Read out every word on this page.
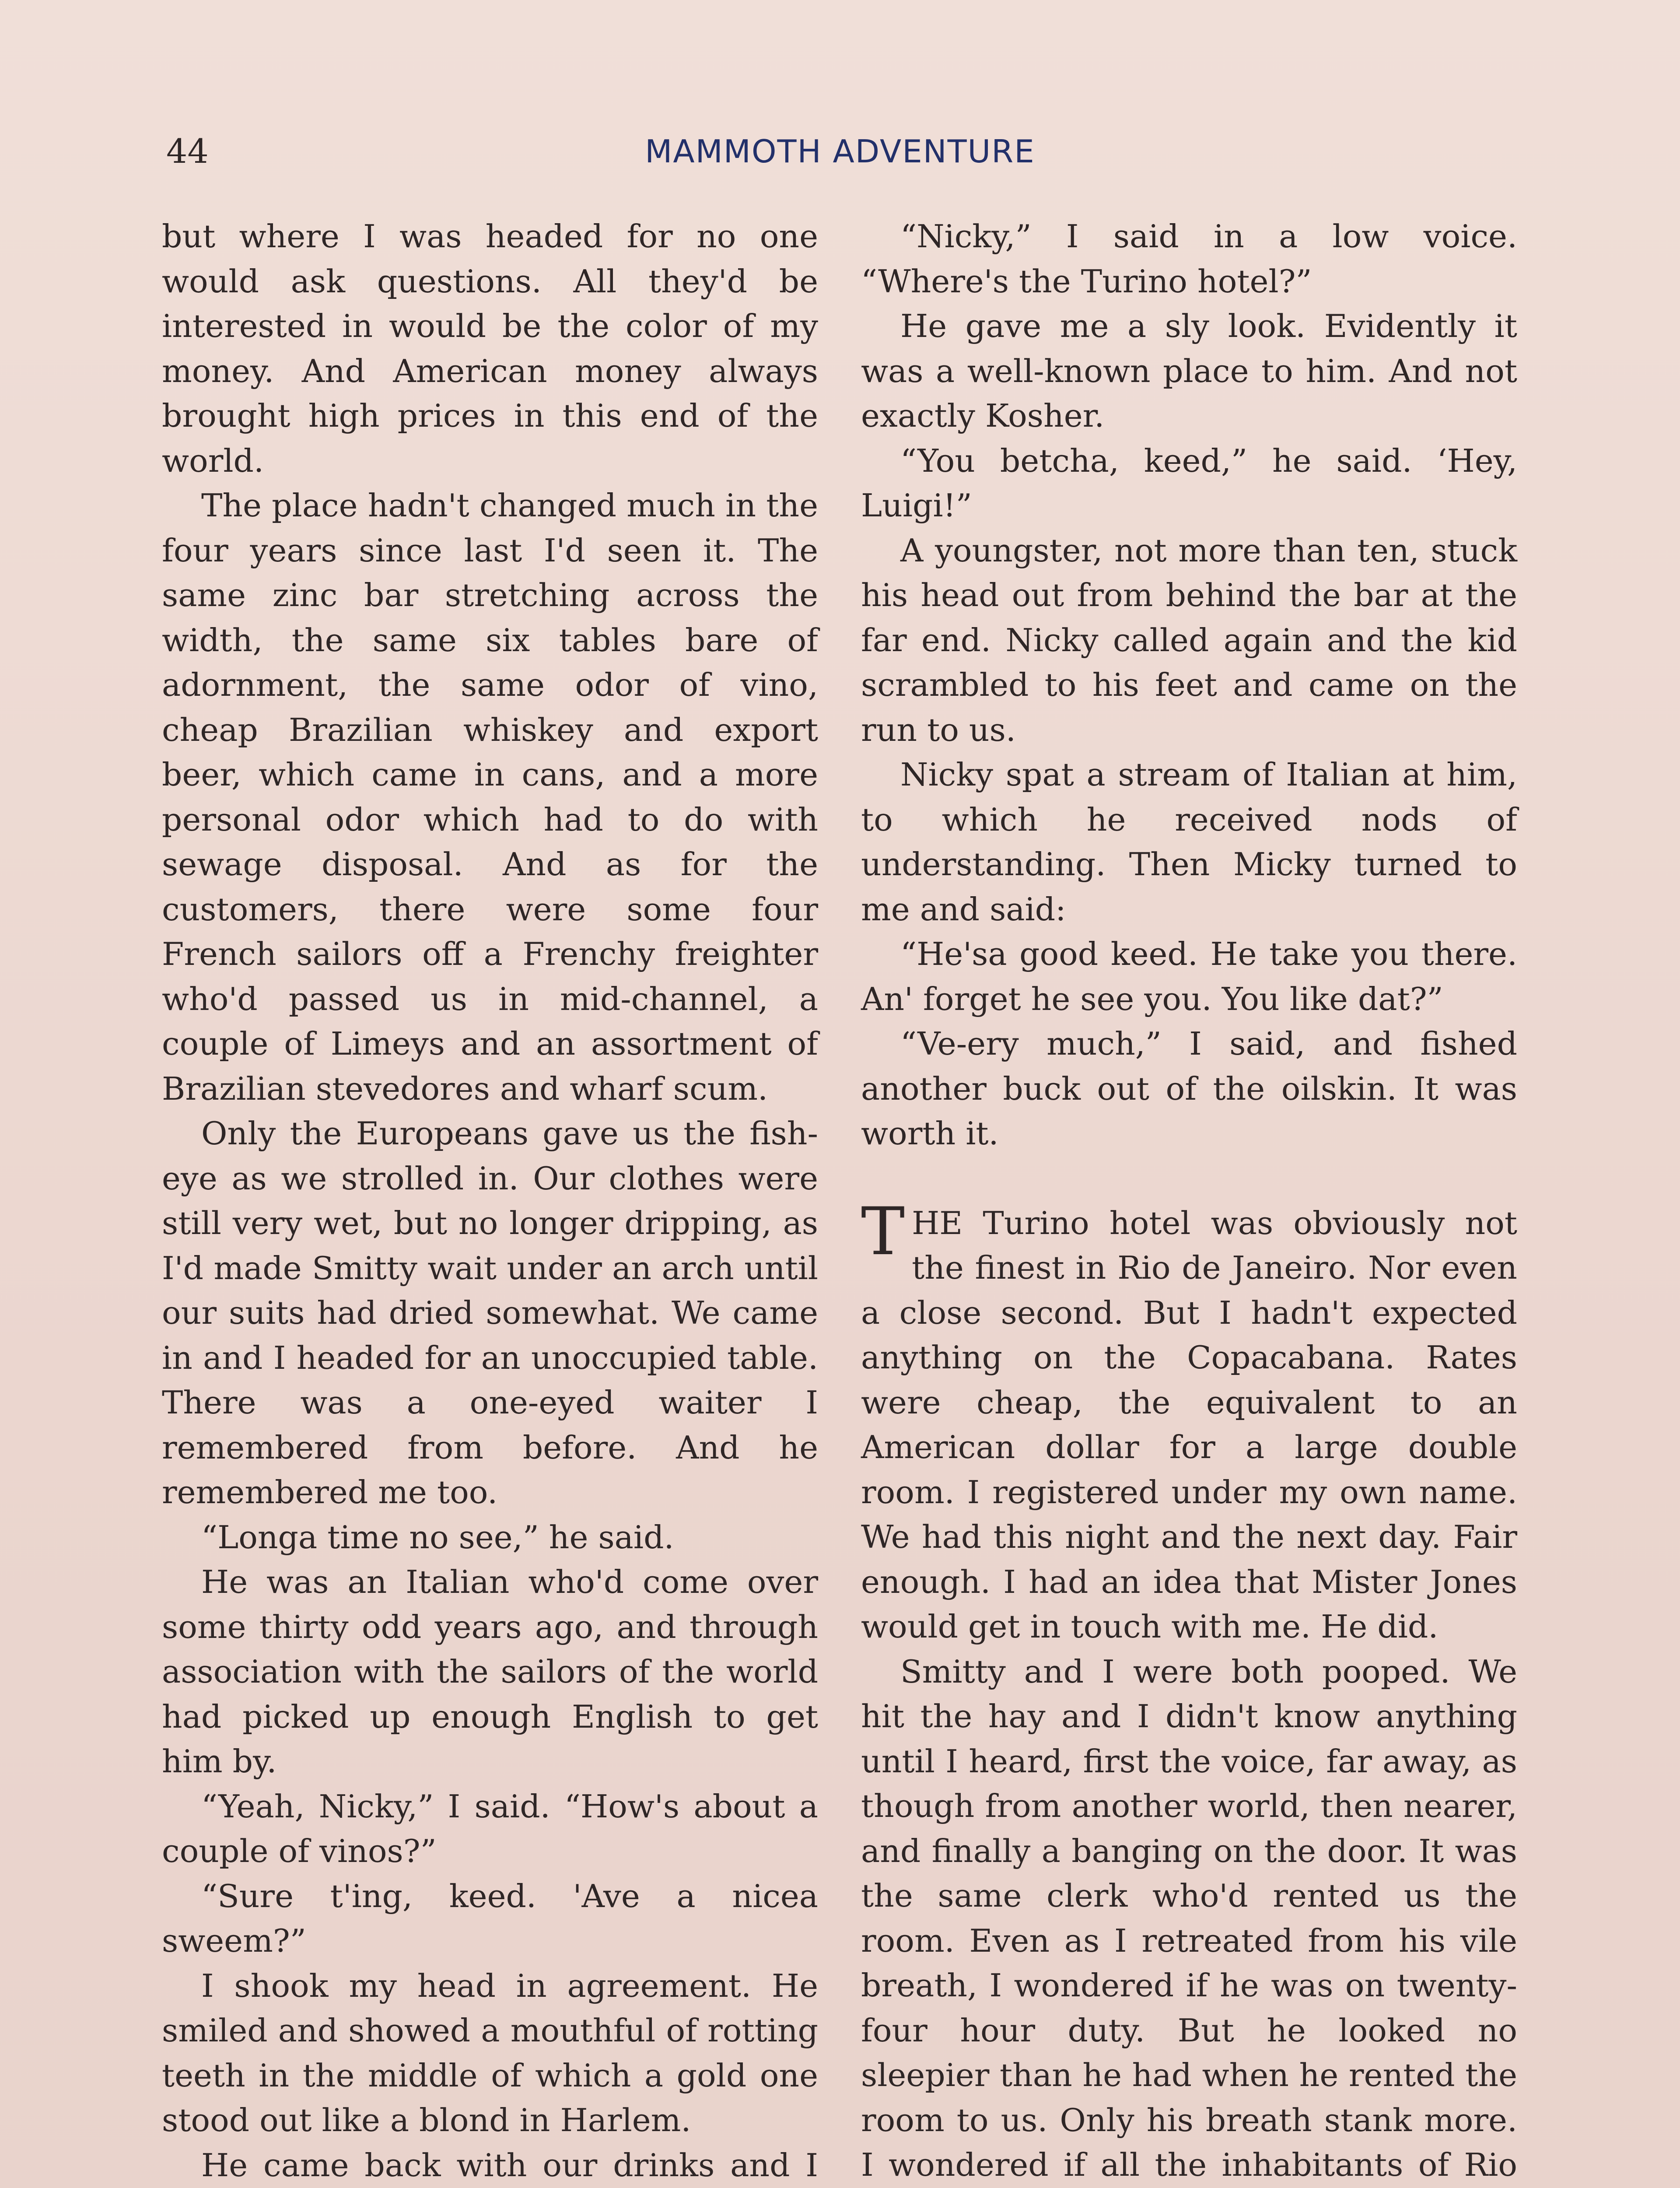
44	MAMMOTH ADVENTURE

but where I was headed for no one would ask questions. All they'd be interested in would be the color of my money. And American money always brought high prices in this end of the world.

The place hadn't changed much in the four years since last I'd seen it. The same zinc bar stretching across the width, the same six tables bare of adornment, the same odor of vino, cheap Brazilian whiskey and export beer, which came in cans, and a more personal odor which had to do with sewage disposal. And as for the customers, there were some four French sailors off a Frenchy freighter who'd passed us in mid-channel, a couple of Limeys and an assortment of Brazilian stevedores and wharf scum.

Only the Europeans gave us the fish-eye as we strolled in. Our clothes were still very wet, but no longer dripping, as I'd made Smitty wait under an arch until our suits had dried somewhat. We came in and I headed for an unoccupied table. There was a one-eyed waiter I remembered from before. And he remembered me too.

“Longa time no see,” he said.

He was an Italian who'd come over some thirty odd years ago, and through association with the sailors of the world had picked up enough English to get him by.

“Yeah, Nicky,” I said. “How's about a couple of vinos?”

“Sure t'ing, keed. 'Ave a nicea sweem?”

I shook my head in agreement. He smiled and showed a mouthful of rotting teeth in the middle of which a gold one stood out like a blond in Harlem.

He came back with our drinks and I

“Nicky,” I said in a low voice. “Where's the Turino hotel?”

He gave me a sly look. Evidently it was a well-known place to him. And not exactly Kosher.

“You betcha, keed,” he said. ‘Hey, Luigi!”

A youngster, not more than ten, stuck his head out from behind the bar at the far end. Nicky called again and the kid scrambled to his feet and came on the run to us.

Nicky spat a stream of Italian at him, to which he received nods of understanding. Then Micky turned to me and said:

“He'sa good keed. He take you there. An' forget he see you. You like dat?”

“Ve-ery much,” I said, and fished another buck out of the oilskin. It was worth it.

THE Turino hotel was obviously not the finest in Rio de Janeiro. Nor even a close second. But I hadn't expected anything on the Copacabana. Rates were cheap, the equivalent to an American dollar for a large double room. I registered under my own name. We had this night and the next day. Fair enough. I had an idea that Mister Jones would get in touch with me. He did.

Smitty and I were both pooped. We hit the hay and I didn't know anything until I heard, first the voice, far away, as though from another world, then nearer, and finally a banging on the door. It was the same clerk who'd rented us the room. Even as I retreated from his vile breath, I wondered if he was on twenty-four hour duty. But he looked no sleepier than he had when he rented the room to us. Only his breath stank more. I wondered if all the inhabitants of Rio
